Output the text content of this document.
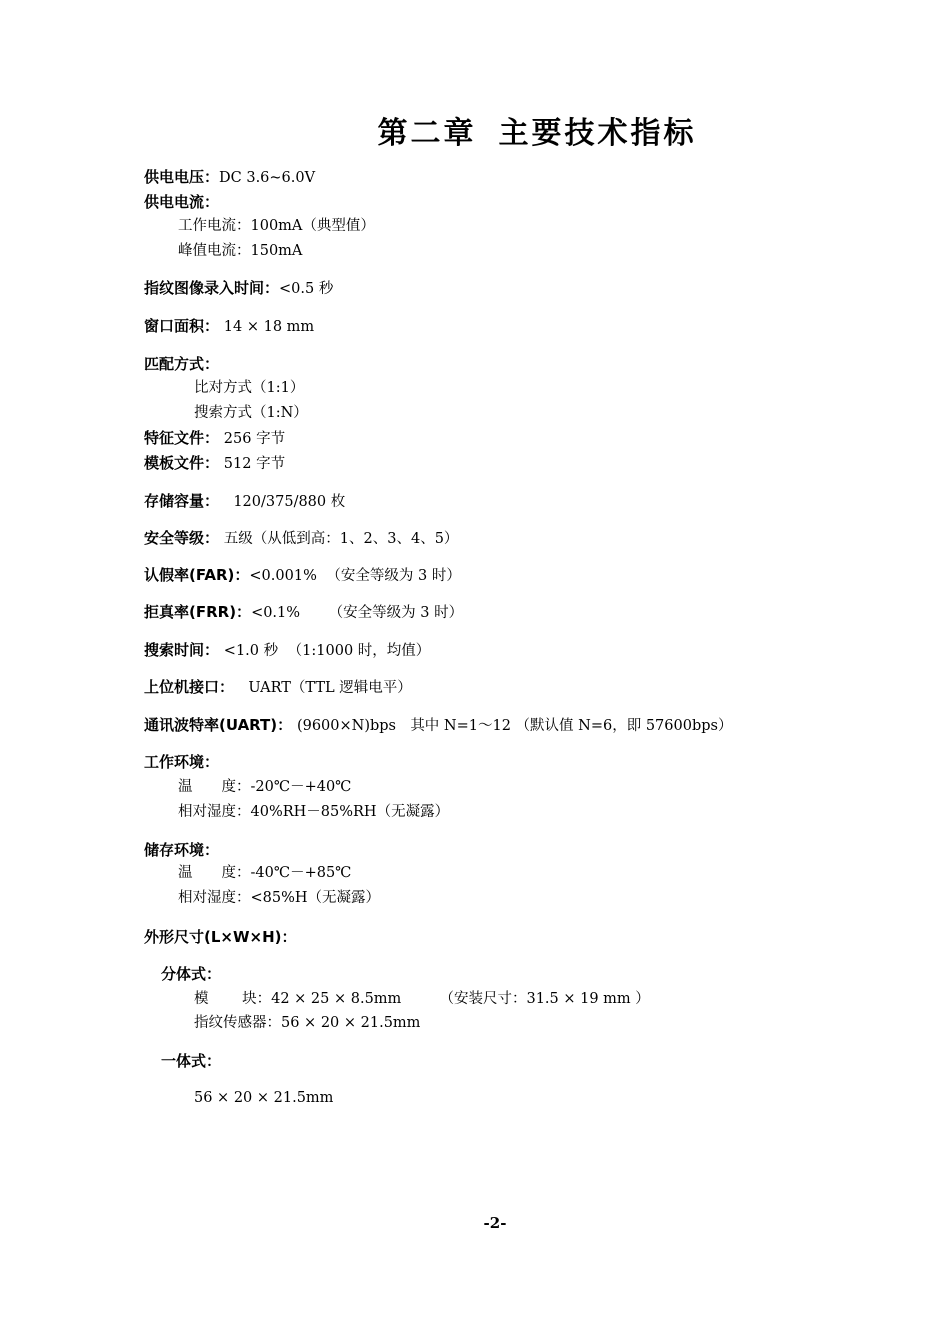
第二章 主要技术指标
供电电压：DC 3.6~6.0V
供电电流：
工作电流：100mA（典型值）
峰值电流：150mA
指纹图像录入时间：<0.5 秒
窗口面积： 14 × 18 mm
匹配方式：
比对方式（1:1）
搜索方式（1:N）
特征文件： 256 字节
模板文件： 512 字节
存储容量： 120/375/880 枚
安全等级： 五级（从低到高：1、2、3、4、5）
认假率(FAR)：<0.001% （安全等级为 3 时）
拒真率(FRR)：<0.1% （安全等级为 3 时）
搜索时间： <1.0 秒 （1:1000 时，均值）
上位机接口： UART（TTL 逻辑电平）
通讯波特率(UART)： (9600×N)bps 其中 N=1～12 （默认值 N=6，即 57600bps）
工作环境：
温　　度：-20℃－+40℃
相对湿度：40%RH－85%RH（无凝露）
储存环境：
温　　度：-40℃－+85℃
相对湿度：<85%H（无凝露）
外形尺寸(L×W×H)：
分体式：
模　　 块：42 × 25 × 8.5mm	（安装尺寸：31.5 × 19 mm ）
指纹传感器：56 × 20 × 21.5mm
一体式：
56 × 20 × 21.5mm
-2-
